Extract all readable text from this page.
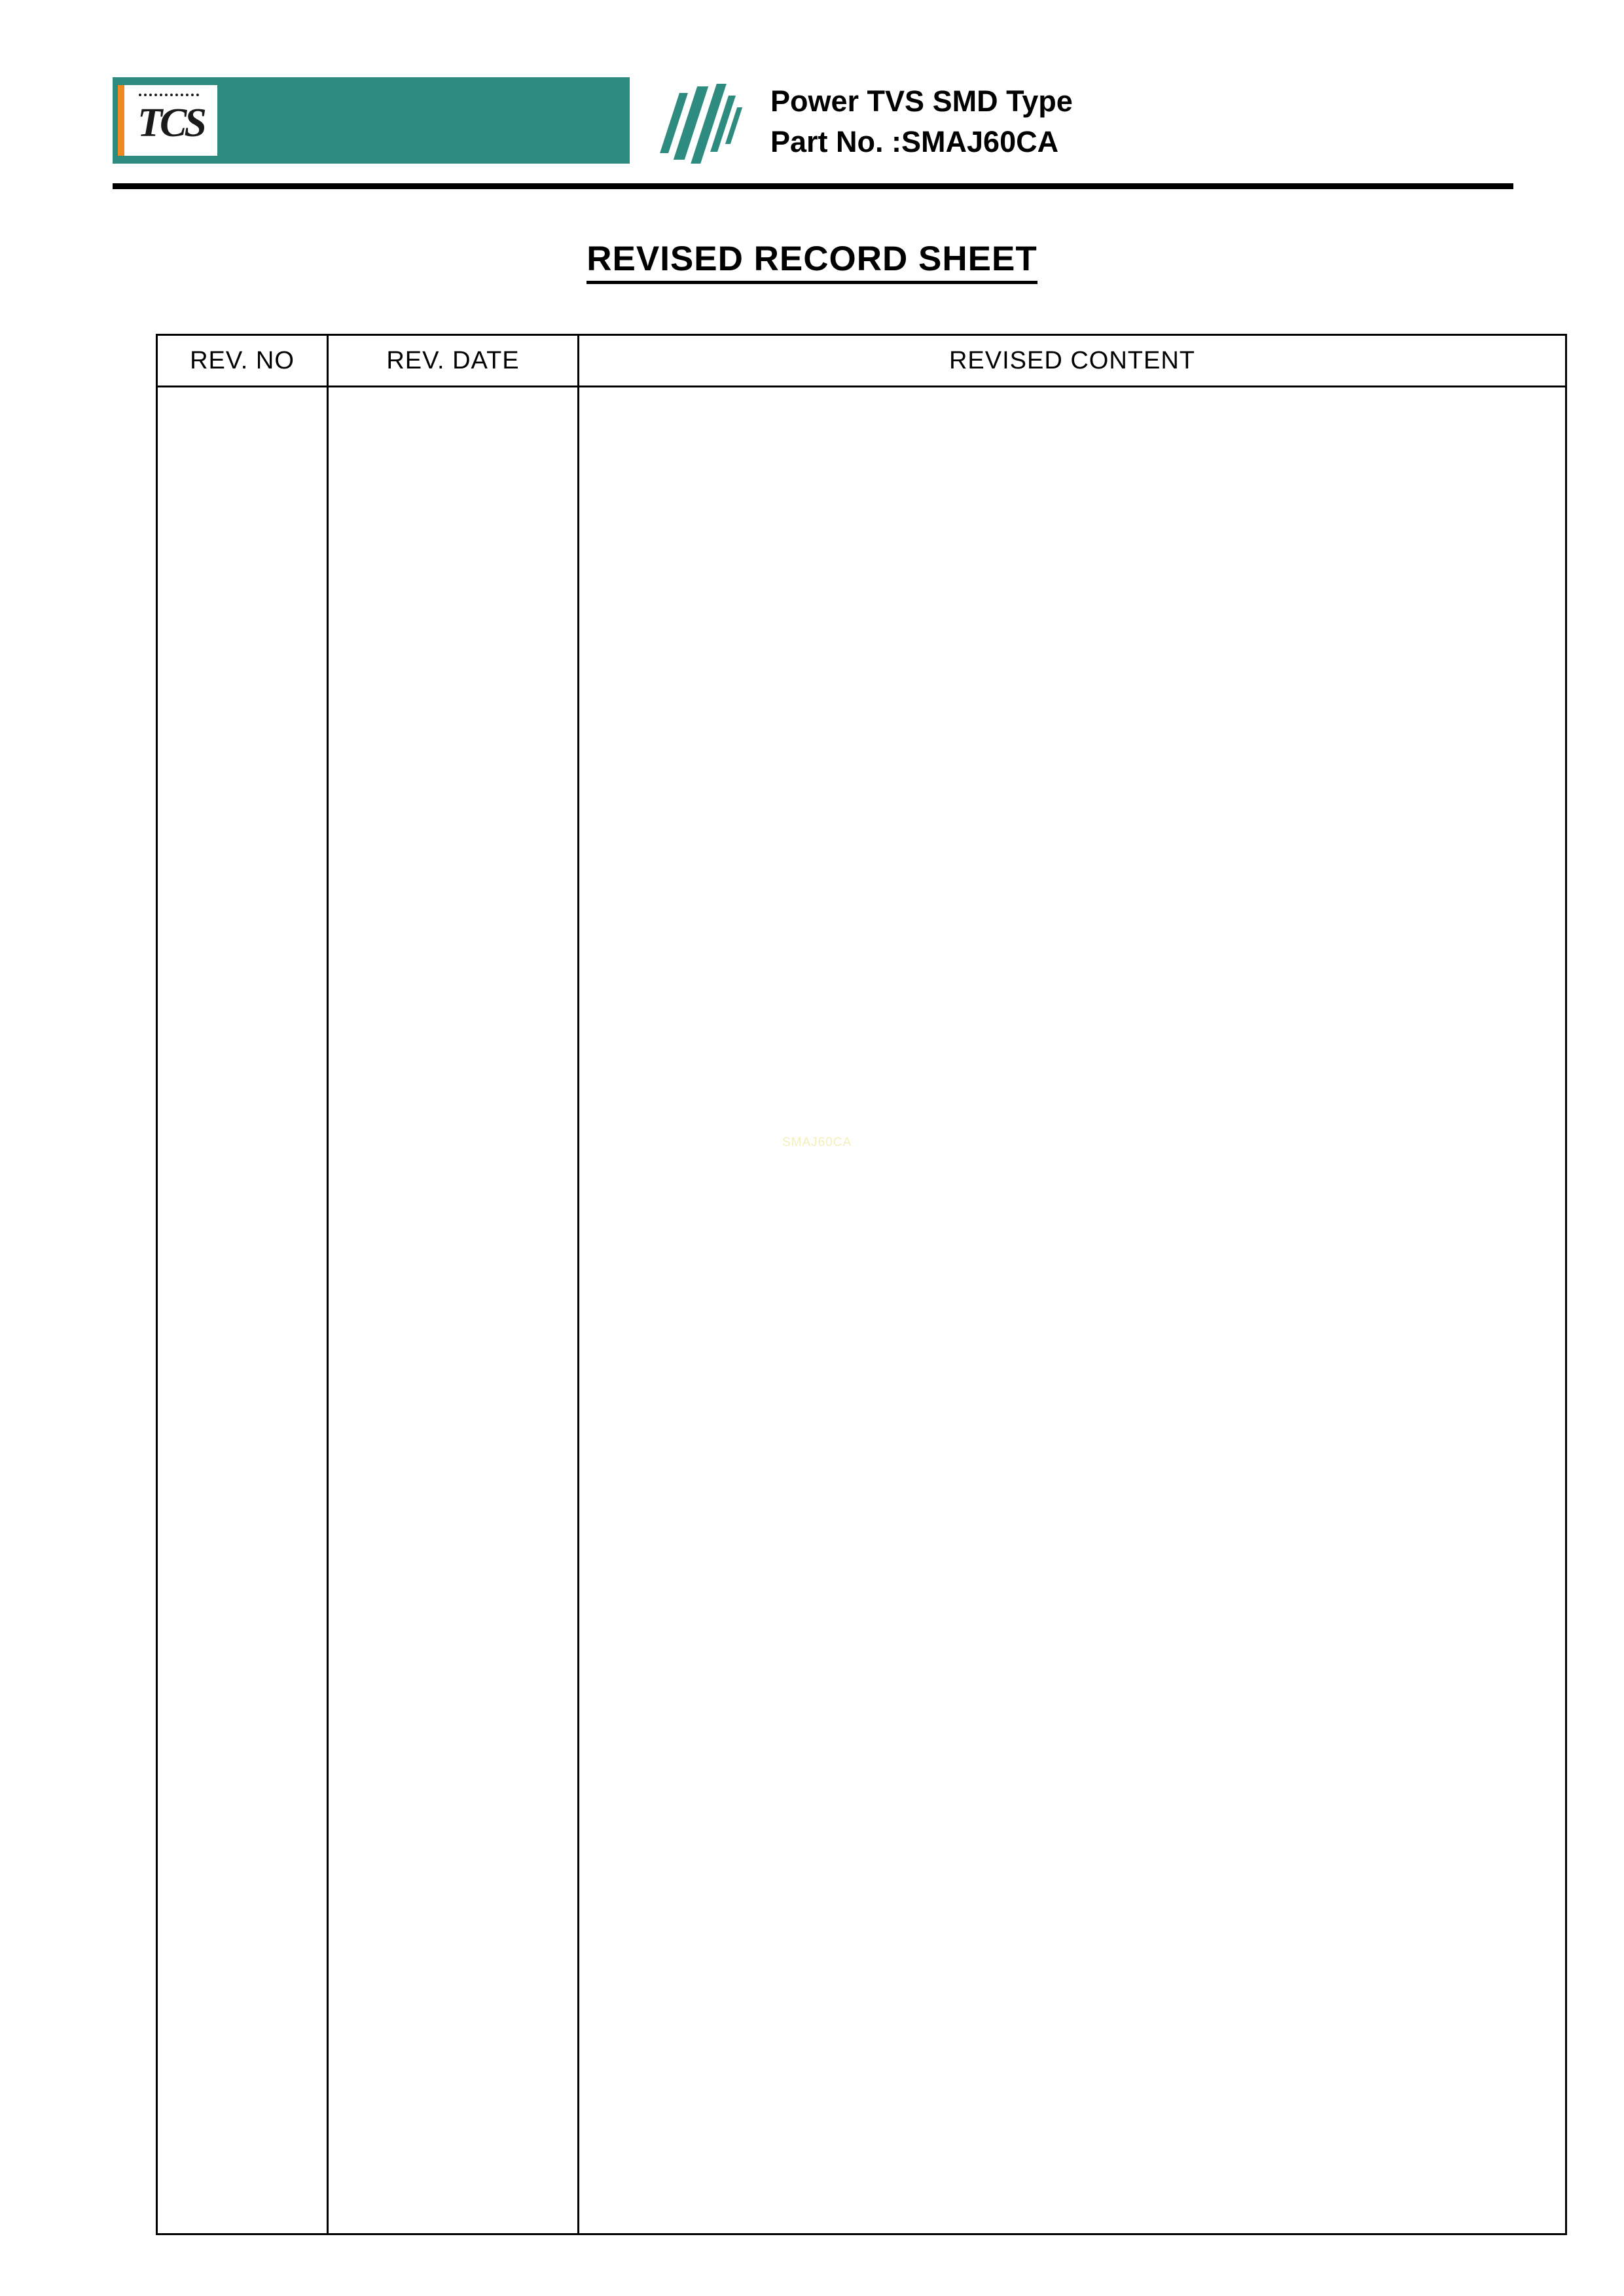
TCS	Power TVS SMD Type
Part No. :SMAJ60CA
REVISED RECORD SHEET
REV. NO	REV. DATE	REVISED CONTENT

SMAJ60CA
